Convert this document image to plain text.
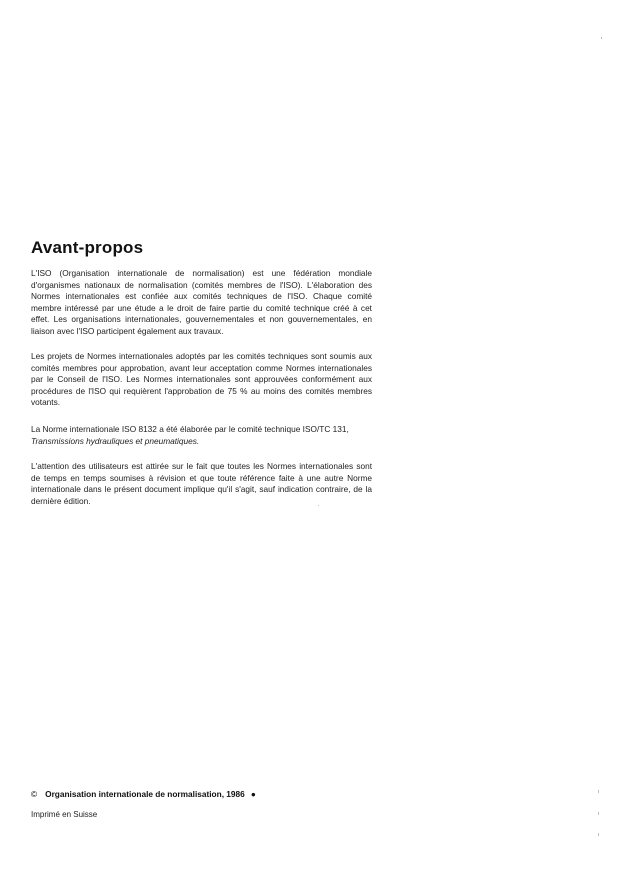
Avant-propos

L'ISO (Organisation internationale de normalisation) est une fédération mondiale d'organismes nationaux de normalisation (comités membres de l'ISO). L'élaboration des Normes internationales est confiée aux comités techniques de l'ISO. Chaque comité membre intéressé par une étude a le droit de faire partie du comité technique créé à cet effet. Les organisations internationales, gouvernementales et non gouvernementales, en liaison avec l'ISO participent également aux travaux.

Les projets de Normes internationales adoptés par les comités techniques sont soumis aux comités membres pour approbation, avant leur acceptation comme Normes internationales par le Conseil de l'ISO. Les Normes internationales sont approuvées conformément aux procédures de l'ISO qui requièrent l'approbation de 75 % au moins des comités membres votants.

La Norme internationale ISO 8132 a été élaborée par le comité technique ISO/TC 131,
Transmissions hydrauliques et pneumatiques.

L'attention des utilisateurs est attirée sur le fait que toutes les Normes internationales sont de temps en temps soumises à révision et que toute référence faite à une autre Norme internationale dans le présent document implique qu'il s'agit, sauf indication contraire, de la dernière édition.

© Organisation internationale de normalisation, 1986 ●
Imprimé en Suisse
